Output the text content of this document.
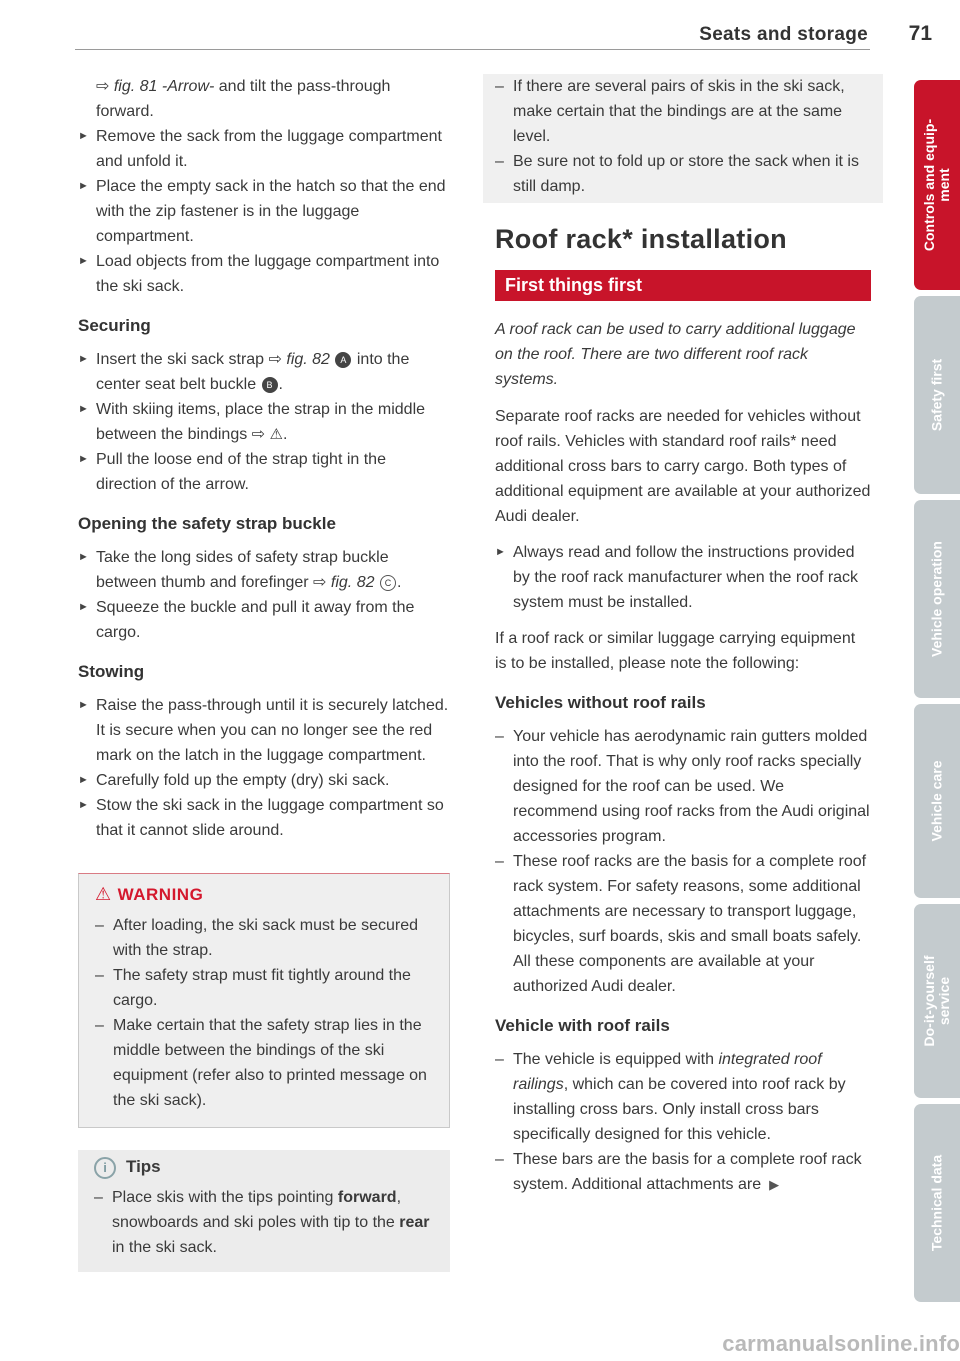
Seats and storage 71

⇨ fig. 81 -Arrow- and tilt the pass-through forward.

► Remove the sack from the luggage compartment and unfold it.

► Place the empty sack in the hatch so that the end with the zip fastener is in the luggage compartment.

► Load objects from the luggage compartment into the ski sack.

Securing

► Insert the ski sack strap ⇨ fig. 82 A into the center seat belt buckle B .

► With skiing items, place the strap in the middle between the bindings ⇨ ⚠.

► Pull the loose end of the strap tight in the direction of the arrow.

Opening the safety strap buckle

► Take the long sides of safety strap buckle between thumb and forefinger ⇨ fig. 82 C .

► Squeeze the buckle and pull it away from the cargo.

Stowing

► Raise the pass-through until it is securely latched. It is secure when you can no longer see the red mark on the latch in the luggage compartment.

► Carefully fold up the empty (dry) ski sack.

► Stow the ski sack in the luggage compartment so that it cannot slide around.

⚠ WARNING

– After loading, the ski sack must be secured with the strap.

– The safety strap must fit tightly around the cargo.

– Make certain that the safety strap lies in the middle between the bindings of the ski equipment (refer also to printed message on the ski sack).

i Tips

– Place skis with the tips pointing forward, snowboards and ski poles with tip to the rear in the ski sack.

– If there are several pairs of skis in the ski sack, make certain that the bindings are at the same level.

– Be sure not to fold up or store the sack when it is still damp.

Roof rack* installation
First things first

A roof rack can be used to carry additional luggage on the roof. There are two different roof rack systems.

Separate roof racks are needed for vehicles without roof rails. Vehicles with standard roof rails* need additional cross bars to carry cargo. Both types of additional equipment are available at your authorized Audi dealer.

► Always read and follow the instructions provided by the roof rack manufacturer when the roof rack system must be installed.

If a roof rack or similar luggage carrying equipment is to be installed, please note the following:

Vehicles without roof rails

– Your vehicle has aerodynamic rain gutters molded into the roof. That is why only roof racks specially designed for the roof can be used. We recommend using roof racks from the Audi original accessories program.

– These roof racks are the basis for a complete roof rack system. For safety reasons, some additional attachments are necessary to transport luggage, bicycles, surf boards, skis and small boats safely. All these components are available at your authorized Audi dealer.

Vehicle with roof rails

– The vehicle is equipped with integrated roof railings, which can be covered into roof rack by installing cross bars. Only install cross bars specifically designed for this vehicle.

– These bars are the basis for a complete roof rack system. Additional attachments are ▶

Controls and equip-
ment
Safety first
Vehicle operation
Vehicle care
Do-it-yourself
service
Technical data
carmanualsonline.info
